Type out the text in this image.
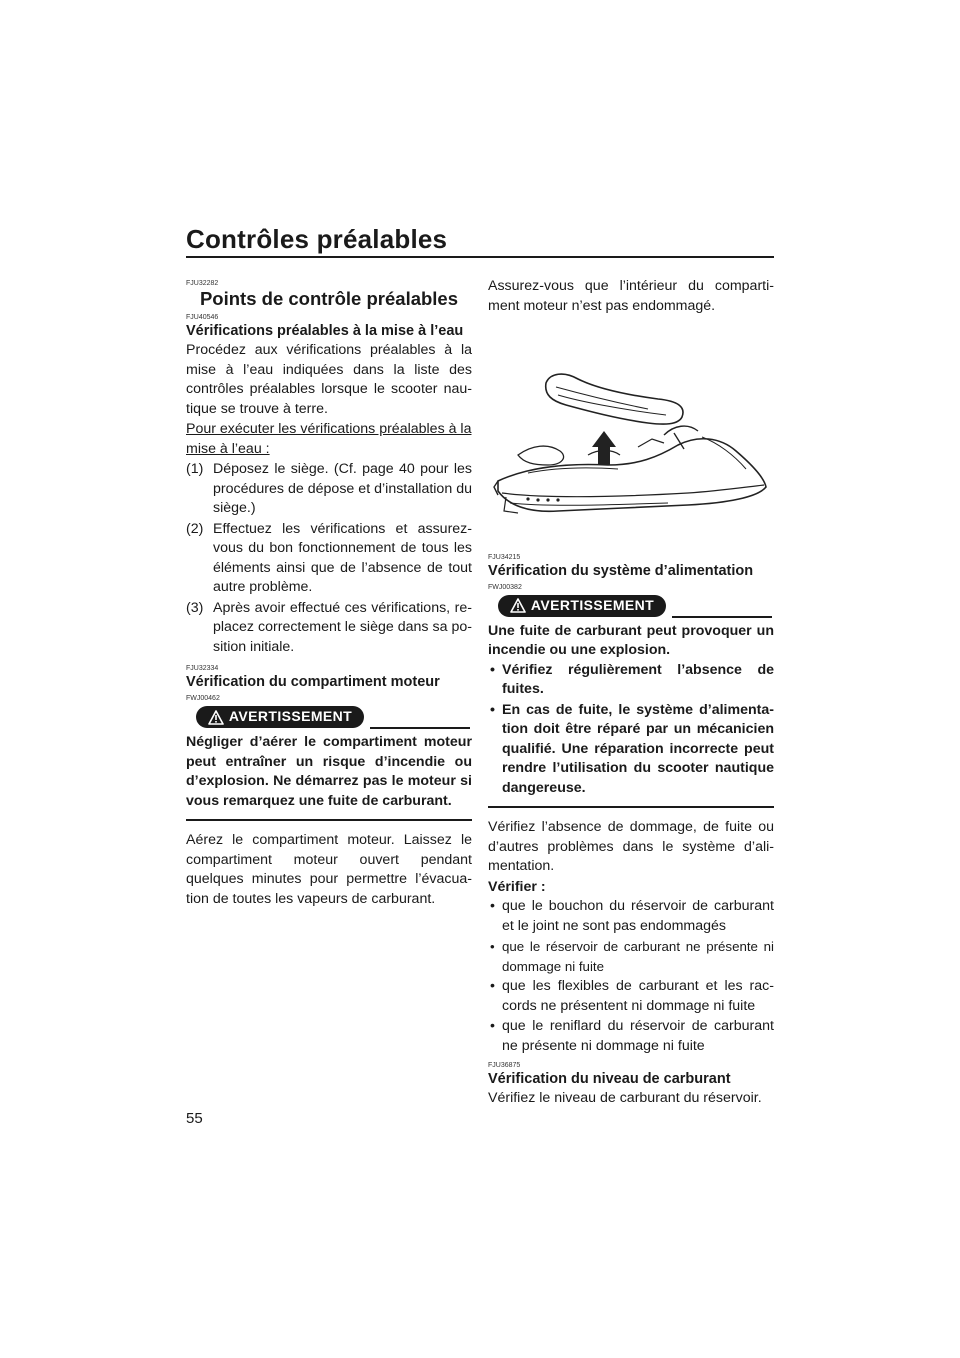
Contrôles préalables
FJU32282
Points de contrôle préalables
FJU40546
Vérifications préalables à la mise à l’eau
Procédez aux vérifications préalables à la mise à l’eau indiquées dans la liste des contrôles préalables lorsque le scooter nau-tique se trouve à terre.
Pour exécuter les vérifications préalables à la mise à l’eau :
(1) Déposez le siège. (Cf. page 40 pour les procédures de dépose et d’installation du siège.)
(2) Effectuez les vérifications et assurez-vous du bon fonctionnement de tous les éléments ainsi que de l’absence de tout autre problème.
(3) Après avoir effectué ces vérifications, re-placez correctement le siège dans sa po-sition initiale.
FJU32334
Vérification du compartiment moteur
FWJ00462
AVERTISSEMENT
Négliger d’aérer le compartiment moteur peut entraîner un risque d’incendie ou d’explosion. Ne démarrez pas le moteur si vous remarquez une fuite de carburant.
Aérez le compartiment moteur. Laissez le compartiment moteur ouvert pendant quelques minutes pour permettre l’évacua-tion de toutes les vapeurs de carburant.
Assurez-vous que l’intérieur du comparti-ment moteur n’est pas endommagé.
FJU34215
Vérification du système d’alimentation
FWJ00382
AVERTISSEMENT
Une fuite de carburant peut provoquer un incendie ou une explosion.
• Vérifiez régulièrement l’absence de fuites.
• En cas de fuite, le système d’alimenta-tion doit être réparé par un mécanicien qualifié. Une réparation incorrecte peut rendre l’utilisation du scooter nautique dangereuse.
Vérifiez l’absence de dommage, de fuite ou d’autres problèmes dans le système d’ali-mentation.
Vérifier :
• que le bouchon du réservoir de carburant et le joint ne sont pas endommagés
• que le réservoir de carburant ne présente ni dommage ni fuite
• que les flexibles de carburant et les rac-cords ne présentent ni dommage ni fuite
• que le reniflard du réservoir de carburant ne présente ni dommage ni fuite
FJU36875
Vérification du niveau de carburant
Vérifiez le niveau de carburant du réservoir.
55
